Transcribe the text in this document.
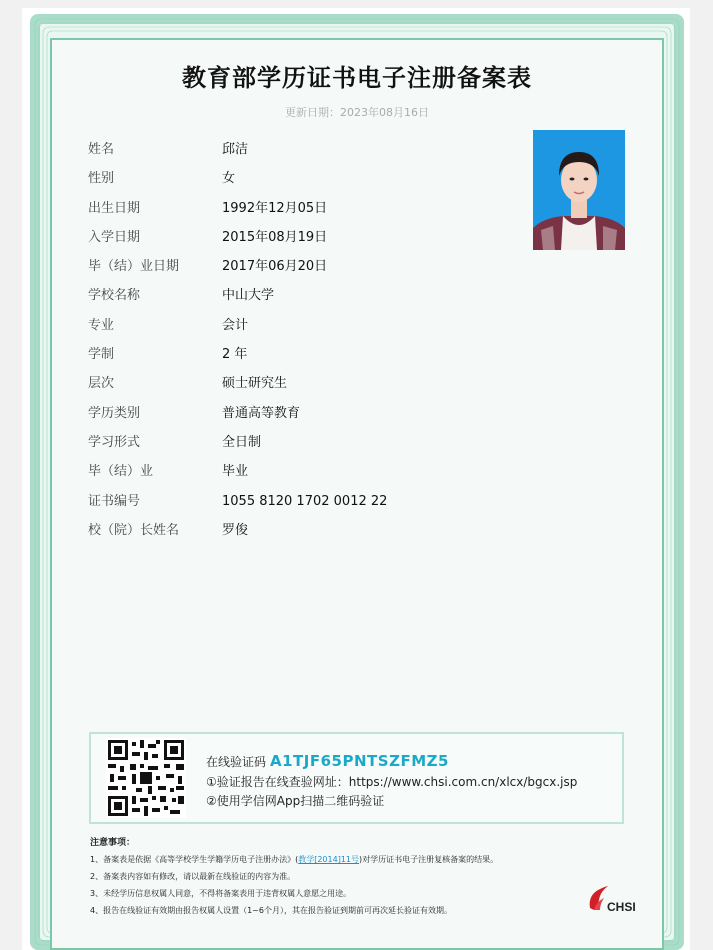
教育部学历证书电子注册备案表
更新日期：2023年08月16日
姓名	邱洁
性别	女
出生日期	1992年12月05日
入学日期	2015年08月19日
毕（结）业日期	2017年06月20日
学校名称	中山大学
专业	会计
学制	2 年
层次	硕士研究生
学历类别	普通高等教育
学习形式	全日制
毕（结）业	毕业
证书编号	1055 8120 1702 0012 22
校（院）长姓名	罗俊
在线验证码 A1TJF65PNTSZFMZ5
①验证报告在线查验网址：https://www.chsi.com.cn/xlcx/bgcx.jsp
②使用学信网App扫描二维码验证
注意事项：
1、备案表是依据《高等学校学生学籍学历电子注册办法》(教学[2014]11号)对学历证书电子注册复核备案的结果。
2、备案表内容如有修改，请以最新在线验证的内容为准。
3、未经学历信息权属人同意，不得将备案表用于违背权属人意愿之用途。
4、报告在线验证有效期由报告权属人设置（1~6个月），其在报告验证到期前可再次延长验证有效期。	CHSI
